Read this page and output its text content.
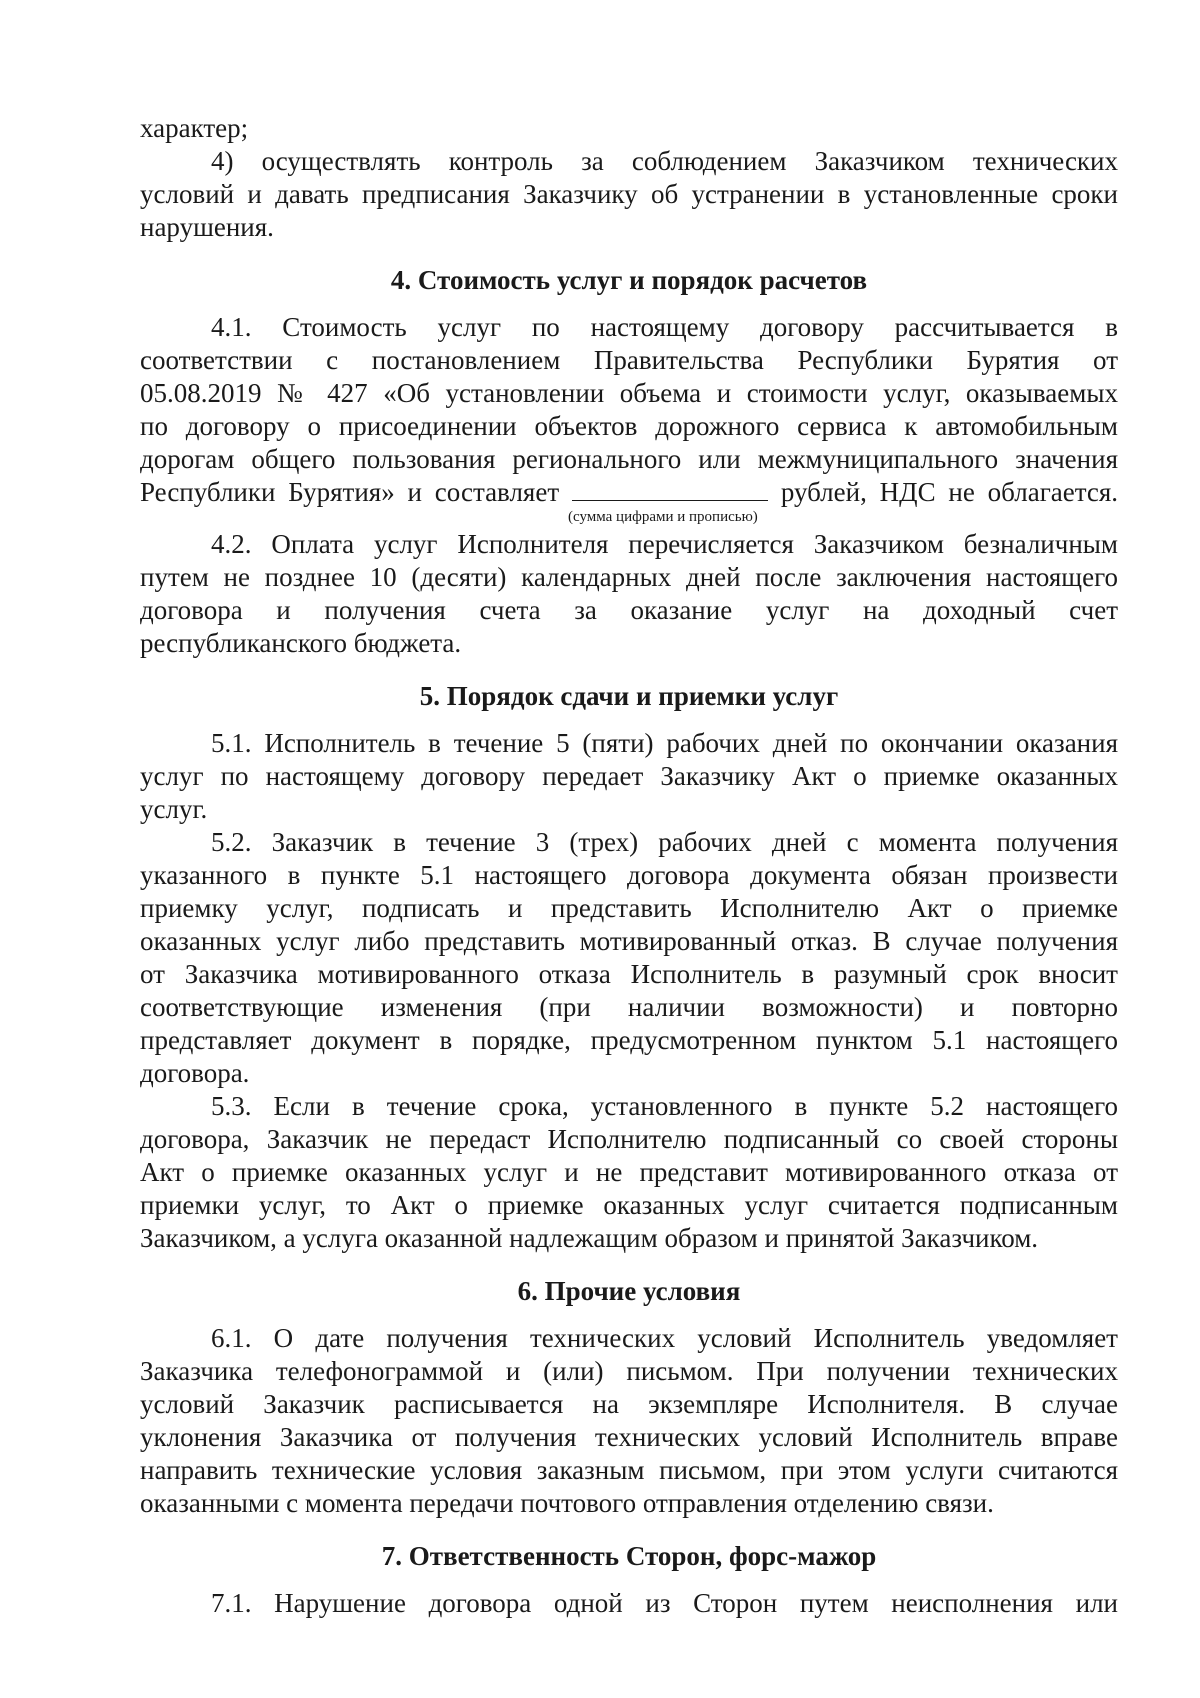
характер;
4) осуществлять контроль за соблюдением Заказчиком технических
условий и давать предписания Заказчику об устранении в установленные сроки
нарушения.
4. Стоимость услуг и порядок расчетов
4.1. Стоимость услуг по настоящему договору рассчитывается в
соответствии с постановлением Правительства Республики Бурятия от
05.08.2019 № 427 «Об установлении объема и стоимости услуг, оказываемых
по договору о присоединении объектов дорожного сервиса к автомобильным
дорогам общего пользования регионального или межмуниципального значения
Республики Бурятия» и составляет	рублей, НДС не облагается.
(сумма цифрами и прописью)
4.2. Оплата услуг Исполнителя перечисляется Заказчиком безналичным
путем не позднее 10 (десяти) календарных дней после заключения настоящего
договора и получения счета за оказание услуг на доходный счет
республиканского бюджета.
5. Порядок сдачи и приемки услуг
5.1. Исполнитель в течение 5 (пяти) рабочих дней по окончании оказания
услуг по настоящему договору передает Заказчику Акт о приемке оказанных
услуг.
5.2. Заказчик в течение 3 (трех) рабочих дней с момента получения
указанного в пункте 5.1 настоящего договора документа обязан произвести
приемку услуг, подписать и представить Исполнителю Акт о приемке
оказанных услуг либо представить мотивированный отказ. В случае получения
от Заказчика мотивированного отказа Исполнитель в разумный срок вносит
соответствующие изменения (при наличии возможности) и повторно
представляет документ в порядке, предусмотренном пунктом 5.1 настоящего
договора.
5.3. Если в течение срока, установленного в пункте 5.2 настоящего
договора, Заказчик не передаст Исполнителю подписанный со своей стороны
Акт о приемке оказанных услуг и не представит мотивированного отказа от
приемки услуг, то Акт о приемке оказанных услуг считается подписанным
Заказчиком, а услуга оказанной надлежащим образом и принятой Заказчиком.
6. Прочие условия
6.1. О дате получения технических условий Исполнитель уведомляет
Заказчика телефонограммой и (или) письмом. При получении технических
условий Заказчик расписывается на экземпляре Исполнителя. В случае
уклонения Заказчика от получения технических условий Исполнитель вправе
направить технические условия заказным письмом, при этом услуги считаются
оказанными с момента передачи почтового отправления отделению связи.
7. Ответственность Сторон, форс-мажор
7.1. Нарушение договора одной из Сторон путем неисполнения или
